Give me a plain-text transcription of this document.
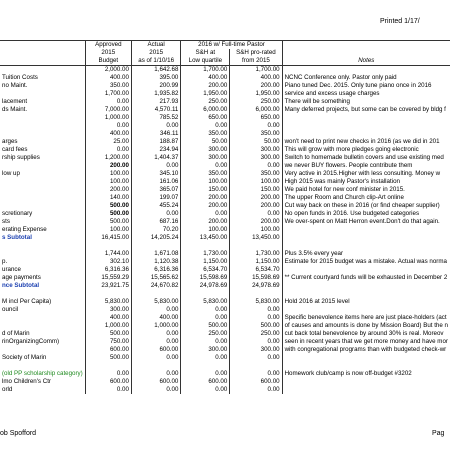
Printed 1/17/
	Approved	Actual	2016 w/ Full-time Pastor		
	2015	2015	S&H at	S&H pro-rated	
	Budget	as of 1/10/16	Low quartile	from 2015	Notes
	2,000.00	1,642.68	1,700.00	1,700.00	
Tuition Costs	400.00	395.00	400.00	400.00	NCNC Conference only. Pastor only paid
no Maint.	350.00	200.99	200.00	200.00	Piano tuned Dec. 2015. Only tune piano once in 2016
	1,700.00	1,935.82	1,950.00	1,950.00	service and excess usage charges
lacement	0.00	217.93	250.00	250.00	There will be something
ds Maint.	7,000.00	4,570.11	6,000.00	6,000.00	Many deferred projects, but some can be covered by bldg f
	1,000.00	785.52	650.00	650.00	
	0.00	0.00	0.00	0.00	
	400.00	346.11	350.00	350.00	
arges	25.00	188.87	50.00	50.00	won't need to print new checks in 2016 (as we did in 201
card fees	0.00	234.94	300.00	300.00	This will grow with more pledges going electronic
rship supplies	1,200.00	1,404.37	300.00	300.00	Switch to homemade bulletin covers and use existing med
	200.00	0.00	0.00	0.00	we never BUY flowers. People contribute them
low up	100.00	345.10	350.00	350.00	Very active in 2015.Higher with less consulting. Money w
	100.00	161.06	100.00	100.00	High 2015 was mainly Pastor's installation
	200.00	365.07	150.00	150.00	We paid hotel for new conf minister in 2015.
	140.00	199.07	200.00	200.00	The upper Room and Church clip-Art online
	500.00	455.24	200.00	200.00	Cut way back on these in 2016 (or find cheaper supplier)
scretionary	500.00	0.00	0.00	0.00	No open funds in 2016. Use budgeted categories
sts	500.00	687.16	200.00	200.00	We over-spent on Matt Herron event.Don't do that again.
erating Expense	100.00	70.20	100.00	100.00	
s Subtotal	16,415.00	14,205.24	13,450.00	13,450.00	

	1,744.00	1,671.08	1,730.00	1,730.00	Plus 3.5% every year
p.	302.10	1,120.38	1,150.00	1,150.00	Estimate for 2015 budget was a mistake. Actual was norma
urance	6,316.36	6,316.36	6,534.70	6,534.70	
age payments	15,559.29	15,565.62	15,598.69	15,598.69	** Current courtyard funds will be exhausted in December 2
nce Subtotal	23,921.75	24,670.82	24,978.69	24,978.69	

M incl Per Capita)	5,830.00	5,830.00	5,830.00	5,830.00	Hold 2016 at 2015 level
ouncil	300.00	0.00	0.00	0.00	
	400.00	400.00	0.00	0.00	Specific benevolence items here are just place-holders (act
	1,000.00	1,000.00	500.00	500.00	of causes and amounts is done by Mission Board) But the n
d of Marin	500.00	0.00	250.00	250.00	cut back total benevolence by around 30% is real. Moreov
rinOrganizingComm)	750.00	0.00	0.00	0.00	seen in recent years that we get more money and have mor
	600.00	600.00	300.00	300.00	with congregational programs than with budgeted check-wr
Society of Marin	500.00	0.00	0.00	0.00	

(old PP scholarship category)	0.00	0.00	0.00	0.00	Homework club/camp is now off-budget #3202
lmo Children's Ctr	600.00	600.00	600.00	600.00	
orld	0.00	0.00	0.00	0.00	
ob Spofford	Pag
